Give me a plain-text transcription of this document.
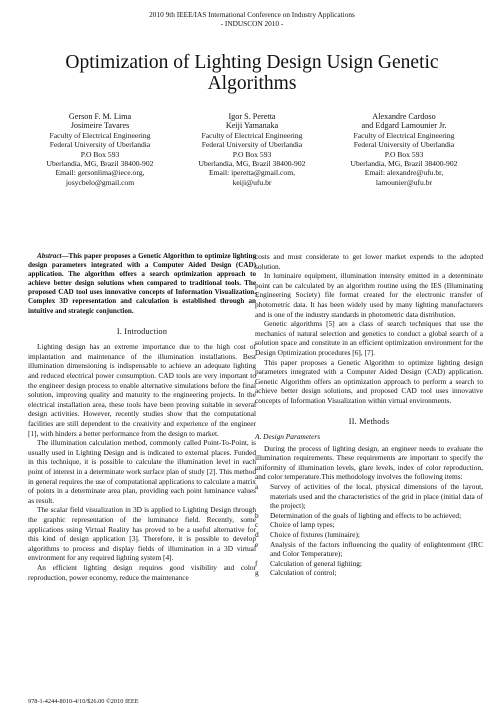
2010 9th IEEE/IAS International Conference on Industry Applications
- INDUSCON 2010 -
Optimization of Lighting Design Usign Genetic Algorithms
Gerson F. M. Lima
Josimeire Tavares
Faculty of Electrical Engineering
Federal University of Uberlandia
P.O Box 593
Uberlandia, MG, Brazil 38400-902
Email: gersonlima@iece.org,
josycbelo@gmail.com
Igor S. Peretta
Keiji Yamanaka
Faculty of Electrical Engineering
Federal University of Uberlandia
P.O Box 593
Uberlandia, MG, Brazil 38400-902
Email: iperetta@gmail.com,
keiji@ufu.br
Alexandre Cardoso
and Edgard Lamounier Jr.
Faculty of Electrical Engineering
Federal University of Uberlandia
P.O Box 593
Uberlandia, MG, Brazil 38400-902
Email: alexandre@ufu.br,
lamounier@ufu.br

Abstract—This paper proposes a Genetic Algorithm to optimize lighting design parameters integrated with a Computer Aided Design (CAD) application. The algorithm offers a search optimization approach to achieve better design solutions when compared to traditional tools. The proposed CAD tool uses innovative concepts of Information Visualization. Complex 3D representation and calculation is established through an intuitive and strategic conjunction.

I. Introduction

Lighting design has an extreme importance due to the high cost of implantation and maintenance of the illumination installations. Best illumination dimensioning is indispensable to achieve an adequate lighting and reduced electrical power consumption. CAD tools are very important to the engineer design process to enable alternative simulations before the final solution, improving quality and maturity to the engineering projects. In the electrical installation area, these tools have been proving suitable in several design activities. However, recently studies show that the computational facilities are still dependent to the creativity and experience of the engineer [1], with hinders a better performance from the design to market.

The illumination calculation method, commonly called Point-To-Point, is usually used in Lighting Design and is indicated to external places. Funded in this technique, it is possible to calculate the illumination level in each point of interest in a determinate work surface plan of study [2]. This method in general requires the use of computational applications to calculate a matrix of points in a determinate area plan, providing each point luminance values as result.

The scalar field visualization in 3D is applied to Lighting Design through the graphic representation of the luminance field. Recently, some applications using Virtual Reality has proved to be a useful alternative for this kind of design application [3]. Therefore, it is possible to develop algorithms to process and display fields of illumination in a 3D virtual environment for any required lighting system [4].

An efficient lighting design requires good visibility and color reproduction, power economy, reduce the maintenance

costs and must considerate to get lower market expends to the adopted solution.

In luminaire equipment, illumination intensity emitted in a determinate point can be calculated by an algorithm routine using the IES (Illuminating Engineering Society) file format created for the electronic transfer of photometric data. It has been widely used by many lighting manufacturers and is one of the industry standards in photometric data distribution.

Genetic algorithms [5] are a class of search techniques that use the mechanics of natural selection and genetics to conduct a global search of a solution space and constitute in an efficient optimization environment for the Design Optimization procedures [6], [7].

This paper proposes a Genetic Algorithm to optimize lighting design parameters integrated with a Computer Aided Design (CAD) application. Genetic Algorithm offers an optimization approach to perform a search to achieve better design solutions, and proposed CAD tool uses innovative concepts of Information Visualization within virtual environments.

II. Methods
A. Design Parameters

During the process of lighting design, an engineer needs to evaluate the illumination requirements. These requirements are important to specify the uniformity of illumination levels, glare levels, index of color reproduction, and color temperature.This methodology involves the following items:

a	Survey of activities of the local, physical dimensions of the layout, materials used and the characteristics of the grid in place (initial data of the project);
b	Determination of the goals of lighting and effects to be achieved;
c	Choice of lamp types;
d	Choice of fixtures (luminaire);
e	Analysis of the factors influencing the quality of enlightenment (IRC and Color Temperature);
f	Calculation of general lighting;
g	Calculation of control;
978-1-4244-8010-4/10/$26.00 ©2010 IEEE
